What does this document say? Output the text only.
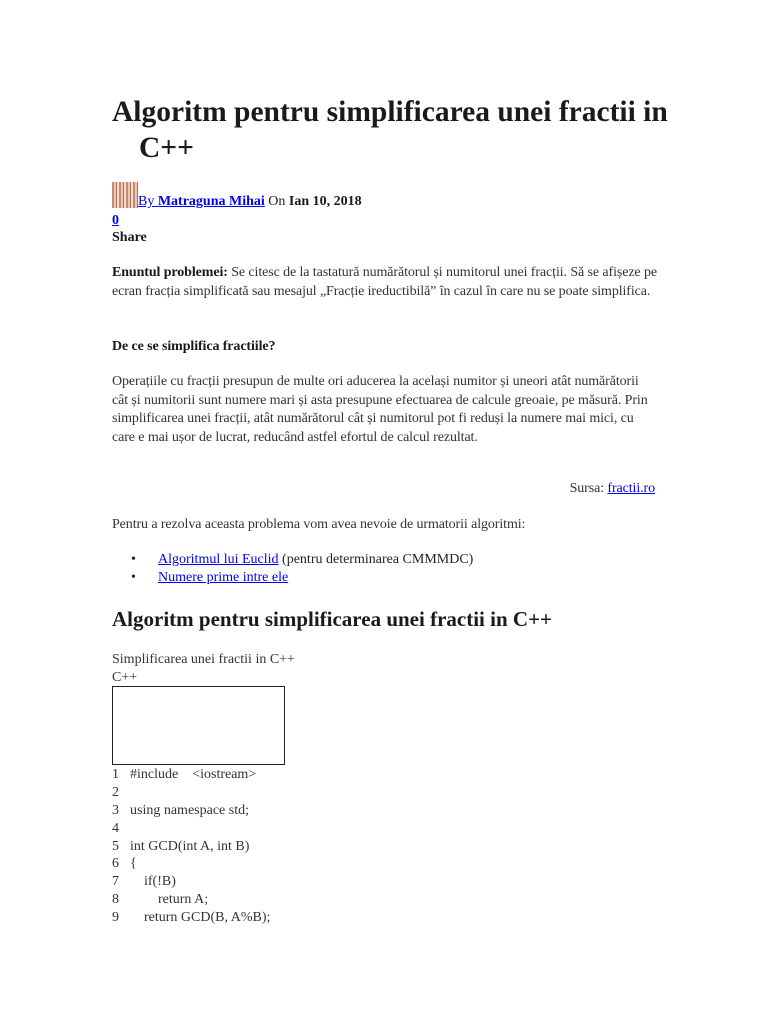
Algoritm pentru simplificarea unei fractii in C++
By Matraguna Mihai On Ian 10, 2018
0
Share

Enuntul problemei: Se citesc de la tastatură numărătorul și numitorul unei fracții. Să se afișeze pe ecran fracția simplificată sau mesajul „Fracție ireductibilă” în cazul în care nu se poate simplifica.

De ce se simplifica fractiile?

Operațiile cu fracții presupun de multe ori aducerea la același numitor și uneori atât numărătorii cât și numitorii sunt numere mari și asta presupune efectuarea de calcule greoaie, pe măsură. Prin simplificarea unei fracții, atât numărătorul cât și numitorul pot fi reduși la numere mai mici, cu care e mai ușor de lucrat, reducând astfel efortul de calcul rezultat.

Sursa: fractii.ro

Pentru a rezolva aceasta problema vom avea nevoie de urmatorii algoritmi:

• Algoritmul lui Euclid (pentru determinarea CMMMDC)
• Numere prime intre ele
Algoritm pentru simplificarea unei fractii in C++
Simplificarea unei fractii in C++
C++
1 #include    <iostream>
2
3 using namespace std;
4
5 int GCD(int A, int B)
6 {
7 if(!B)
8 return A;
9 return GCD(B, A%B);
